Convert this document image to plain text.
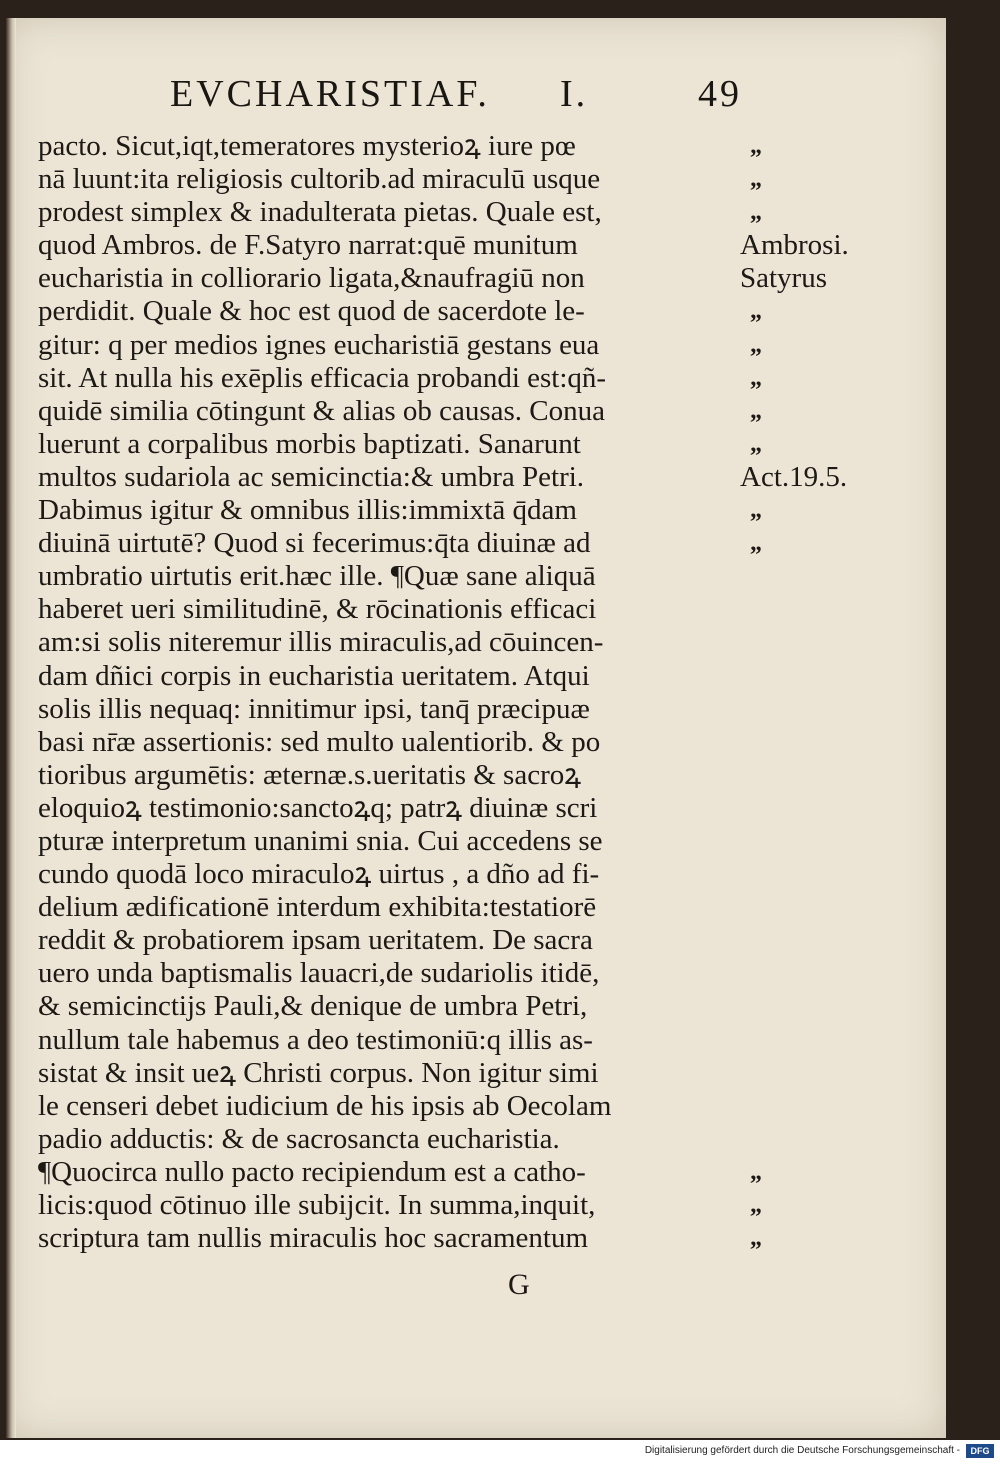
EVCHARISTIAF. I.	49
pacto. Sicut,iqt,temeratores mysterioꝝ iure pœ
nā luunt:ita religiosis cultorib.ad miraculū usque
prodest simplex & inadulterata pietas. Quale est,
quod Ambros. de F.Satyro narrat:quē munitum
eucharistia in colliorario ligata,&naufragiū non
perdidit. Quale & hoc est quod de sacerdote le-
gitur: q per medios ignes eucharistiā gestans eua
sit. At nulla his exēplis efficacia probandi est:qñ-
quidē similia cōtingunt & alias ob causas. Conua
luerunt a corpalibus morbis baptizati. Sanarunt
multos sudariola ac semicinctia:& umbra Petri.
Dabimus igitur & omnibus illis:immixtā q̄dam
diuinā uirtutē? Quod si fecerimus:q̄ta diuinæ ad
umbratio uirtutis erit.hæc ille. ¶Quæ sane aliquā
haberet ueri similitudinē, & rōcinationis efficaci
am:si solis niteremur illis miraculis,ad cōuincen-
dam dñici corpis in eucharistia ueritatem. Atqui
solis illis nequaq: innitimur ipsi, tanq̄ præcipuæ
basi nr̄æ assertionis: sed multo ualentiorib. & po
tioribus argumētis: æternæ.s.ueritatis & sacroꝝ
eloquioꝝ testimonio:sanctoꝝq; patrꝝ diuinæ scri
pturæ interpretum unanimi snia. Cui accedens se
cundo quodā loco miraculoꝝ uirtus , a dño ad fi-
delium ædificationē interdum exhibita:testatiorē
reddit & probatiorem ipsam ueritatem. De sacra
uero unda baptismalis lauacri,de sudariolis itidē,
& semicinctijs Pauli,& denique de umbra Petri,
nullum tale habemus a deo testimoniū:q illis as-
sistat & insit ueꝝ Christi corpus. Non igitur simi
le censeri debet iudicium de his ipsis ab Oecolam
padio adductis: & de sacrosancta eucharistia.
¶Quocirca nullo pacto recipiendum est a catho-
licis:quod cōtinuo ille subijcit. In summa,inquit,
scriptura tam nullis miraculis hoc sacramentum
„
„
„
Ambrosi.
Satyrus
„
„
„
„
„
Act.19.5.
„
„
„
„
„
G
Digitalisierung gefördert durch die Deutsche Forschungsgemeinschaft -	DFG
